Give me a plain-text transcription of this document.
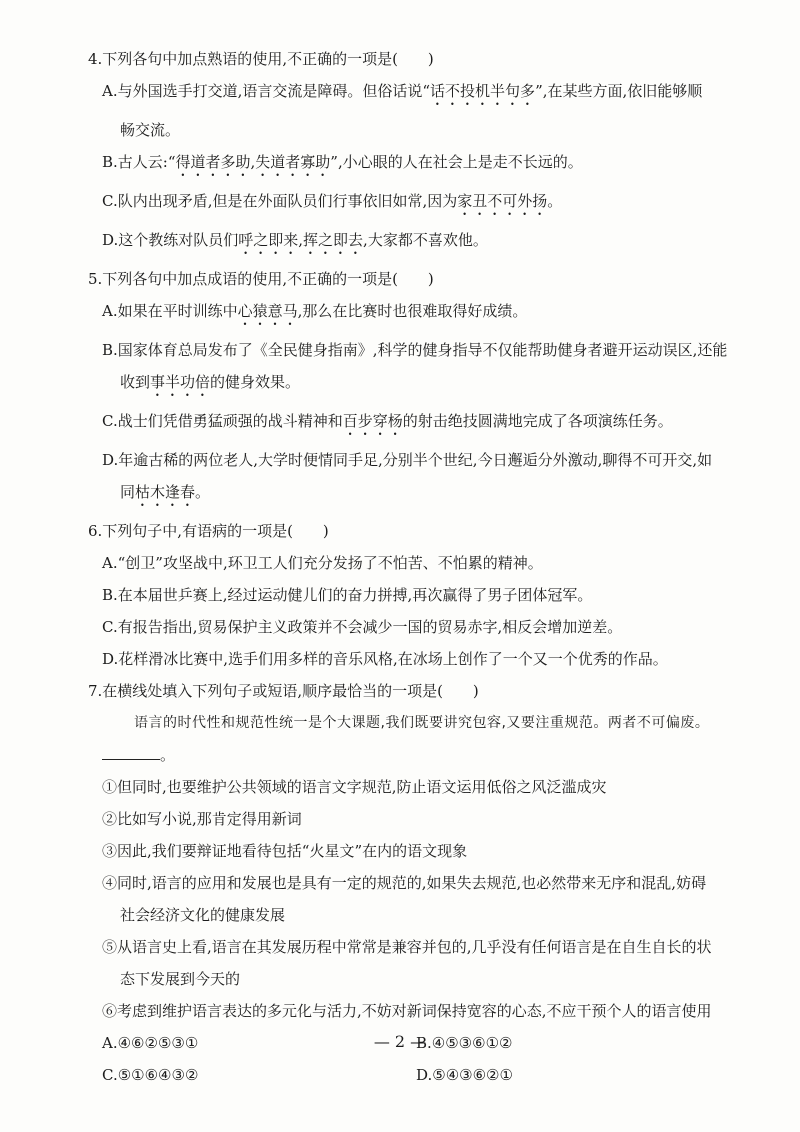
4.下列各句中加点熟语的使用,不正确的一项是(　　)
A.与外国选手打交道,语言交流是障碍。但俗话说“话不投机半句多”,在某些方面,依旧能够顺
畅交流。
B.古人云:“得道者多助,失道者寡助”,小心眼的人在社会上是走不长远的。
C.队内出现矛盾,但是在外面队员们行事依旧如常,因为家丑不可外扬。
D.这个教练对队员们呼之即来,挥之即去,大家都不喜欢他。
5.下列各句中加点成语的使用,不正确的一项是(　　)
A.如果在平时训练中心猿意马,那么在比赛时也很难取得好成绩。
B.国家体育总局发布了《全民健身指南》,科学的健身指导不仅能帮助健身者避开运动误区,还能
收到事半功倍的健身效果。
C.战士们凭借勇猛顽强的战斗精神和百步穿杨的射击绝技圆满地完成了各项演练任务。
D.年逾古稀的两位老人,大学时便情同手足,分别半个世纪,今日邂逅分外激动,聊得不可开交,如
同枯木逢春。
6.下列句子中,有语病的一项是(　　)
A.“创卫”攻坚战中,环卫工人们充分发扬了不怕苦、不怕累的精神。
B.在本届世乒赛上,经过运动健儿们的奋力拼搏,再次赢得了男子团体冠军。
C.有报告指出,贸易保护主义政策并不会减少一国的贸易赤字,相反会增加逆差。
D.花样滑冰比赛中,选手们用多样的音乐风格,在冰场上创作了一个又一个优秀的作品。
7.在横线处填入下列句子或短语,顺序最恰当的一项是(　　)
语言的时代性和规范性统一是个大课题,我们既要讲究包容,又要注重规范。两者不可偏废。
。
①但同时,也要维护公共领域的语言文字规范,防止语文运用低俗之风泛滥成灾
②比如写小说,那肯定得用新词
③因此,我们要辩证地看待包括“火星文”在内的语文现象
④同时,语言的应用和发展也是具有一定的规范的,如果失去规范,也必然带来无序和混乱,妨碍
社会经济文化的健康发展
⑤从语言史上看,语言在其发展历程中常常是兼容并包的,几乎没有任何语言是在自生自长的状
态下发展到今天的
⑥考虑到维护语言表达的多元化与活力,不妨对新词保持宽容的心态,不应干预个人的语言使用
A.④⑥②⑤③①	B.④⑤③⑥①②
C.⑤①⑥④③②	D.⑤④③⑥②①
— 2 —
